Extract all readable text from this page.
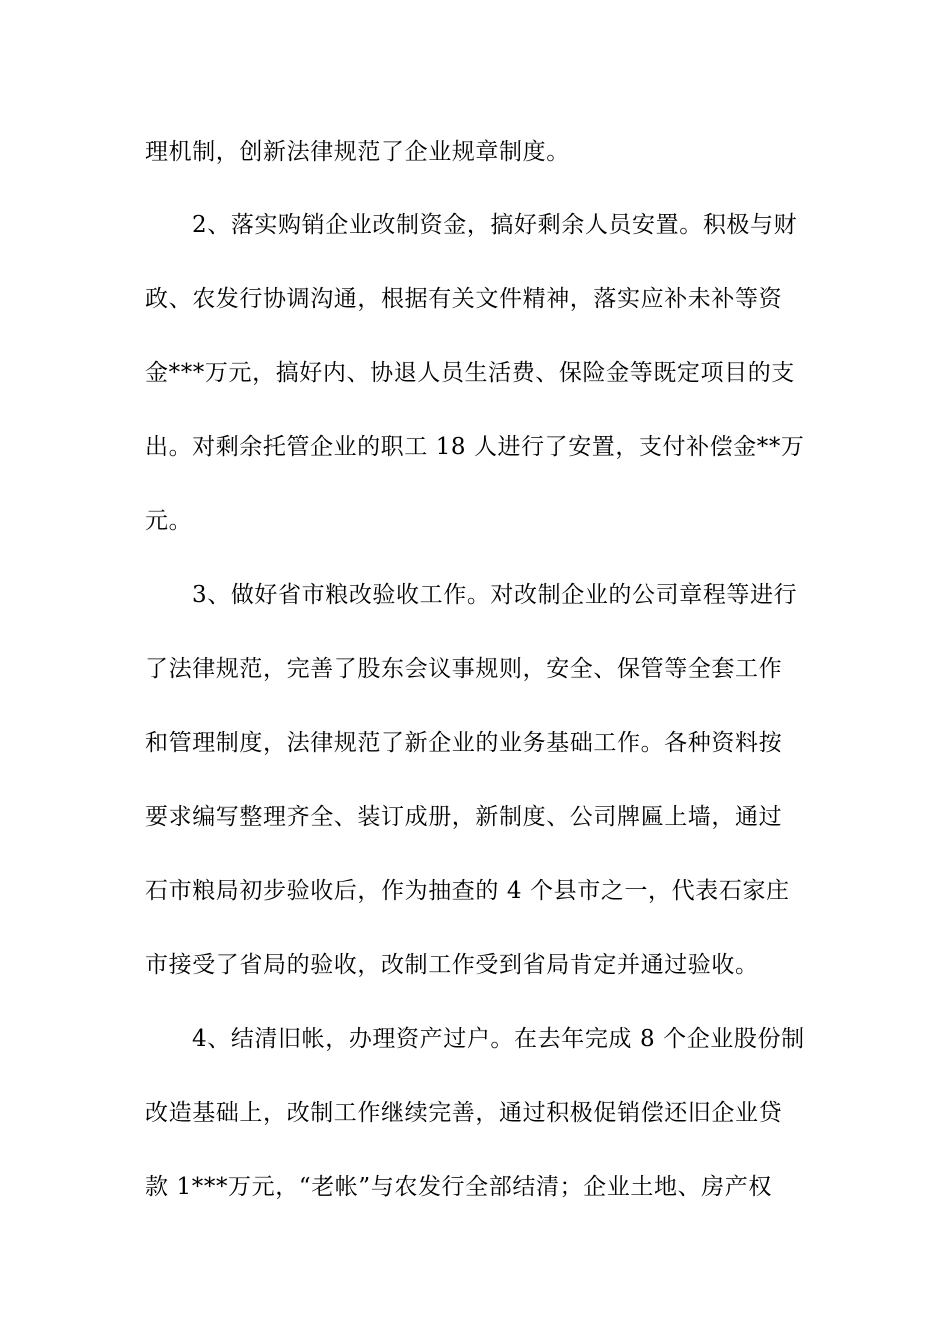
理机制，创新法律规范了企业规章制度。
2、落实购销企业改制资金，搞好剩余人员安置。积极与财
政、农发行协调沟通，根据有关文件精神，落实应补未补等资
金***万元，搞好内、协退人员生活费、保险金等既定项目的支
出。对剩余托管企业的职工 18 人进行了安置，支付补偿金**万
元。
3、做好省市粮改验收工作。对改制企业的公司章程等进行
了法律规范，完善了股东会议事规则，安全、保管等全套工作
和管理制度，法律规范了新企业的业务基础工作。各种资料按
要求编写整理齐全、装订成册，新制度、公司牌匾上墙，通过
石市粮局初步验收后，作为抽查的 4 个县市之一，代表石家庄
市接受了省局的验收，改制工作受到省局肯定并通过验收。
4、结清旧帐，办理资产过户。在去年完成 8 个企业股份制
改造基础上，改制工作继续完善，通过积极促销偿还旧企业贷
款 1***万元，“老帐”与农发行全部结清；企业土地、房产权
